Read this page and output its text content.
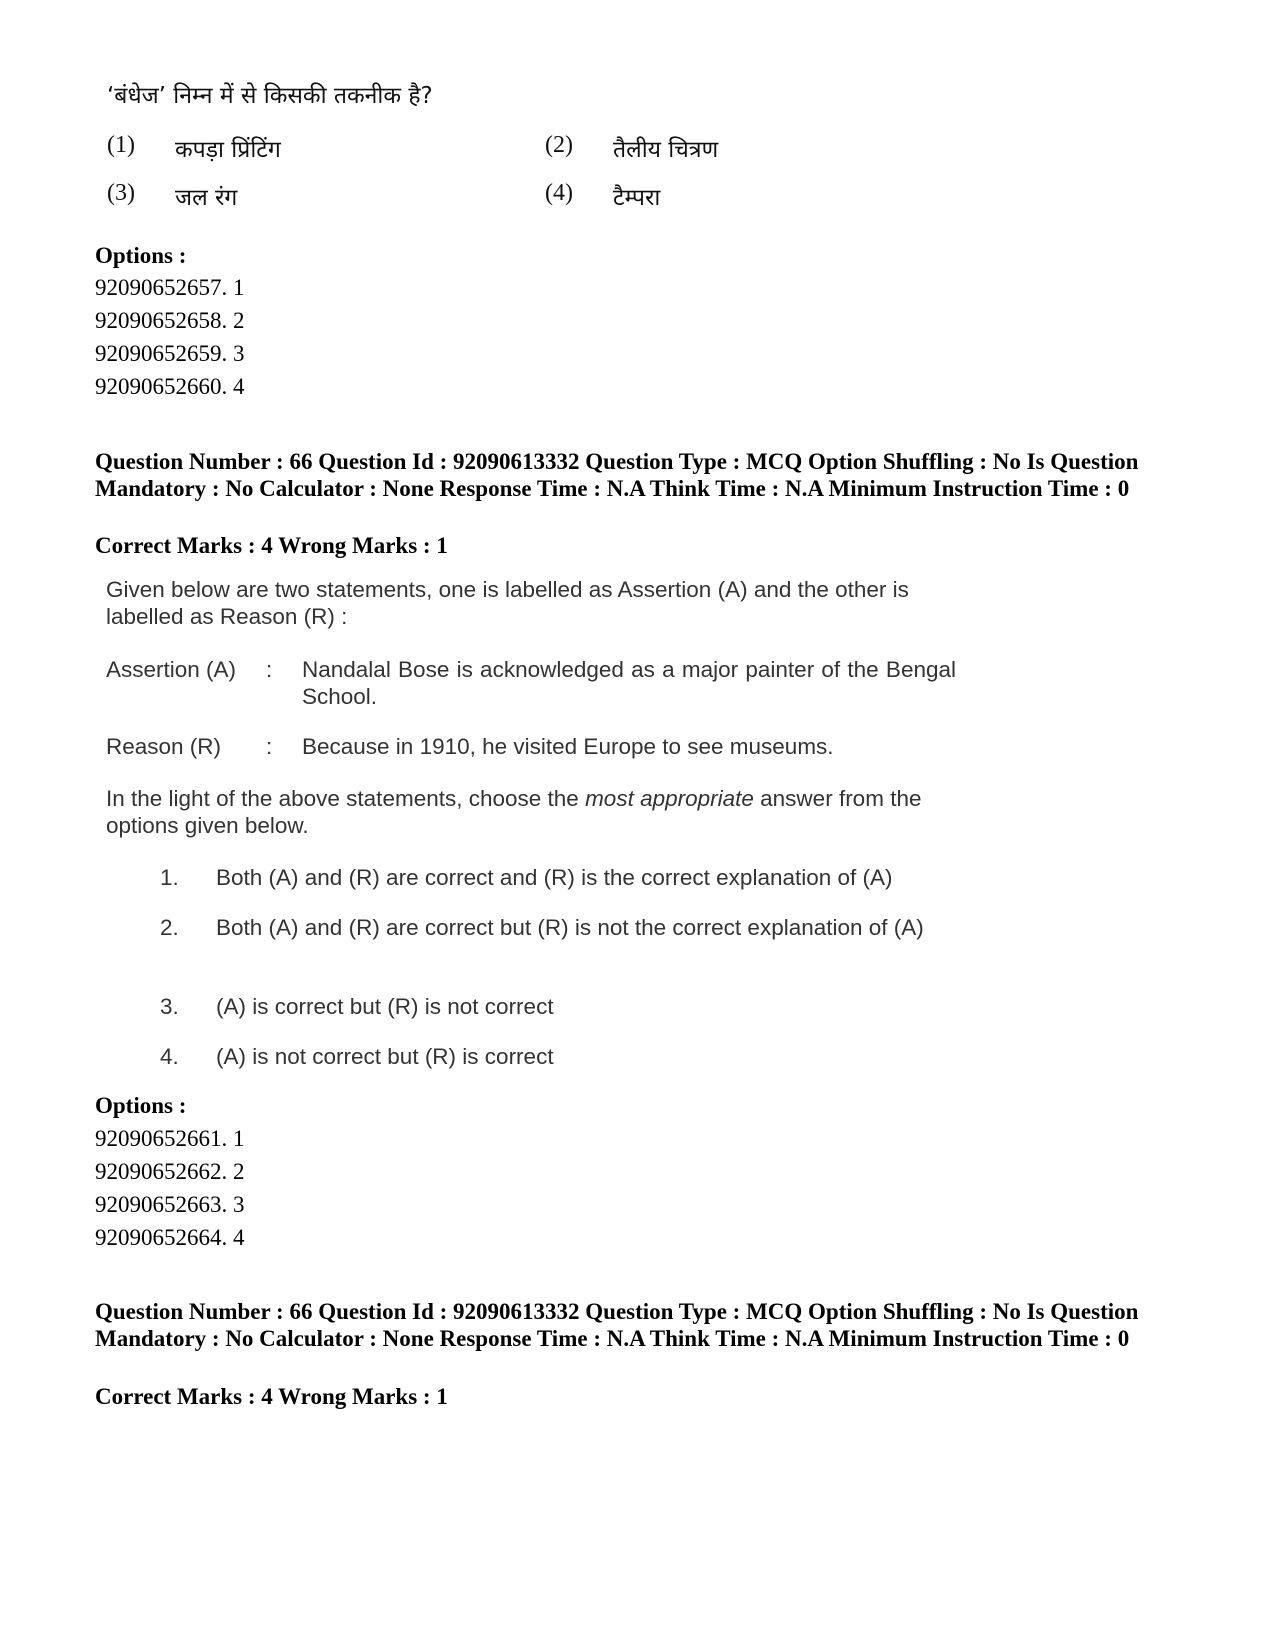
‘बंधेज’ निम्न में से किसकी तकनीक है?
(1)	कपड़ा प्रिंटिंग	(2)	तैलीय चित्रण
(3)	जल रंग	(4)	टैम्परा
Options :
92090652657. 1
92090652658. 2
92090652659. 3
92090652660. 4
Question Number : 66 Question Id : 92090613332 Question Type : MCQ Option Shuffling : No Is Question Mandatory : No Calculator : None Response Time : N.A Think Time : N.A Minimum Instruction Time : 0
Correct Marks : 4 Wrong Marks : 1
Given below are two statements, one is labelled as Assertion (A) and the other is labelled as Reason (R) :
Assertion (A)	:	Nandalal Bose is acknowledged as a major painter of the Bengal School.
Reason (R)	:	Because in 1910, he visited Europe to see museums.
In the light of the above statements, choose the most appropriate answer from the options given below.
1.	Both (A) and (R) are correct and (R) is the correct explanation of (A)
2.	Both (A) and (R) are correct but (R) is not the correct explanation of (A)
3.	(A) is correct but (R) is not correct
4.	(A) is not correct but (R) is correct
Options :
92090652661. 1
92090652662. 2
92090652663. 3
92090652664. 4
Question Number : 66 Question Id : 92090613332 Question Type : MCQ Option Shuffling : No Is Question Mandatory : No Calculator : None Response Time : N.A Think Time : N.A Minimum Instruction Time : 0
Correct Marks : 4 Wrong Marks : 1
